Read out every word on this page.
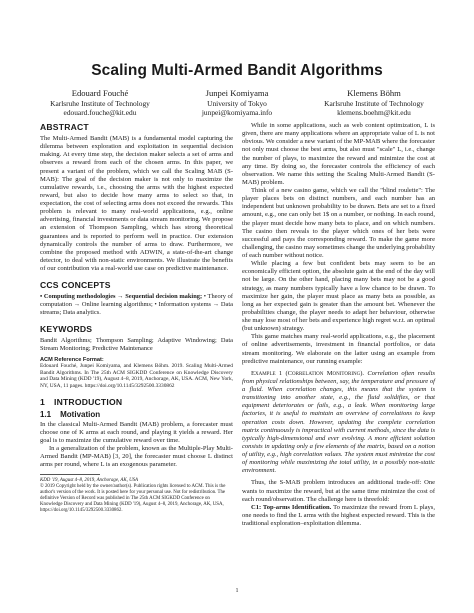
Scaling Multi-Armed Bandit Algorithms
Edouard Fouché
Karlsruhe Institute of Technology
edouard.fouche@kit.edu
Junpei Komiyama
University of Tokyo
junpei@komiyama.info
Klemens Böhm
Karlsruhe Institute of Technology
klemens.boehm@kit.edu
ABSTRACT

The Multi-Armed Bandit (MAB) is a fundamental model capturing the dilemma between exploration and exploitation in sequential decision making. At every time step, the decision maker selects a set of arms and observes a reward from each of the chosen arms. In this paper, we present a variant of the problem, which we call the Scaling MAB (S-MAB): The goal of the decision maker is not only to maximize the cumulative rewards, i.e., choosing the arms with the highest expected reward, but also to decide how many arms to select so that, in expectation, the cost of selecting arms does not exceed the rewards. This problem is relevant to many real-world applications, e.g., online advertising, financial investments or data stream monitoring. We propose an extension of Thompson Sampling, which has strong theoretical guarantees and is reported to perform well in practice. Our extension dynamically controls the number of arms to draw. Furthermore, we combine the proposed method with ADWIN, a state-of-the-art change detector, to deal with non-static environments. We illustrate the benefits of our contribution via a real-world use case on predictive maintenance.

CCS CONCEPTS

• Computing methodologies → Sequential decision making; • Theory of computation → Online learning algorithms; • Information systems → Data streams; Data analytics.

KEYWORDS

Bandit Algorithms; Thompson Sampling; Adaptive Windowing; Data Stream Monitoring; Predictive Maintenance

ACM Reference Format:

Edouard Fouché, Junpei Komiyama, and Klemens Böhm. 2019. Scaling Multi-Armed Bandit Algorithms. In The 25th ACM SIGKDD Conference on Knowledge Discovery and Data Mining (KDD '19), August 4–8, 2019, Anchorage, AK, USA. ACM, New York, NY, USA, 11 pages. https://doi.org/10.1145/3292500.3330862

1 INTRODUCTION
1.1 Motivation

In the classical Multi-Armed Bandit (MAB) problem, a forecaster must choose one of K arms at each round, and playing it yields a reward. Her goal is to maximize the cumulative reward over time.

In a generalization of the problem, known as the Multiple-Play Multi-Armed Bandit (MP-MAB) [3, 20], the forecaster must choose L distinct arms per round, where L is an exogenous parameter.

KDD '19, August 4–8, 2019, Anchorage, AK, USA

© 2019 Copyright held by the owner/author(s). Publication rights licensed to ACM. This is the author's version of the work. It is posted here for your personal use. Not for redistribution. The definitive Version of Record was published in The 25th ACM SIGKDD Conference on Knowledge Discovery and Data Mining (KDD '19), August 4–8, 2019, Anchorage, AK, USA, https://doi.org/10.1145/3292500.3330862.

While in some applications, such as web content optimization, L is given, there are many applications where an appropriate value of L is not obvious. We consider a new variant of the MP-MAB where the forecaster not only must choose the best arms, but also must "scale" L, i.e., change the number of plays, to maximize the reward and minimize the cost at any time. By doing so, the forecaster controls the efficiency of each observation. We name this setting the Scaling Multi-Armed Bandit (S-MAB) problem.

Think of a new casino game, which we call the "blind roulette": The player places bets on distinct numbers, and each number has an independent but unknown probability to be drawn. Bets are set to a fixed amount, e.g., one can only bet 1$ on a number, or nothing. In each round, the player must decide how many bets to place, and on which numbers. The casino then reveals to the player which ones of her bets were successful and pays the corresponding reward. To make the game more challenging, the casino may sometimes change the underlying probability of each number without notice.

While placing a few but confident bets may seem to be an economically efficient option, the absolute gain at the end of the day will not be large. On the other hand, placing many bets may not be a good strategy, as many numbers typically have a low chance to be drawn. To maximize her gain, the player must place as many bets as possible, as long as her expected gain is greater than the amount bet. Whenever the probabilities change, the player needs to adapt her behaviour, otherwise she may lose most of her bets and experience high regret w.r.t. an optimal (but unknown) strategy.

This game matches many real-world applications, e.g., the placement of online advertisements, investment in financial portfolios, or data stream monitoring. We elaborate on the latter using an example from predictive maintenance, our running example:

Example 1 (Correlation Monitoring). Correlation often results from physical relationships between, say, the temperature and pressure of a fluid. When correlation changes, this means that the system is transitioning into another state, e.g., the fluid solidifies, or that equipment deteriorates or fails, e.g., a leak. When monitoring large factories, it is useful to maintain an overview of correlations to keep operation costs down. However, updating the complete correlation matrix continuously is impractical with current methods, since the data is typically high-dimensional and ever evolving. A more efficient solution consists in updating only a few elements of the matrix, based on a notion of utility, e.g., high correlation values. The system must minimize the cost of monitoring while maximizing the total utility, in a possibly non-static environment.

Thus, the S-MAB problem introduces an additional trade-off: One wants to maximize the reward, but at the same time minimize the cost of each round/observation. The challenge here is threefold:

C1: Top-arms Identification. To maximize the reward from L plays, one needs to find the L arms with the highest expected reward. This is the traditional exploration–exploitation dilemma.

1
